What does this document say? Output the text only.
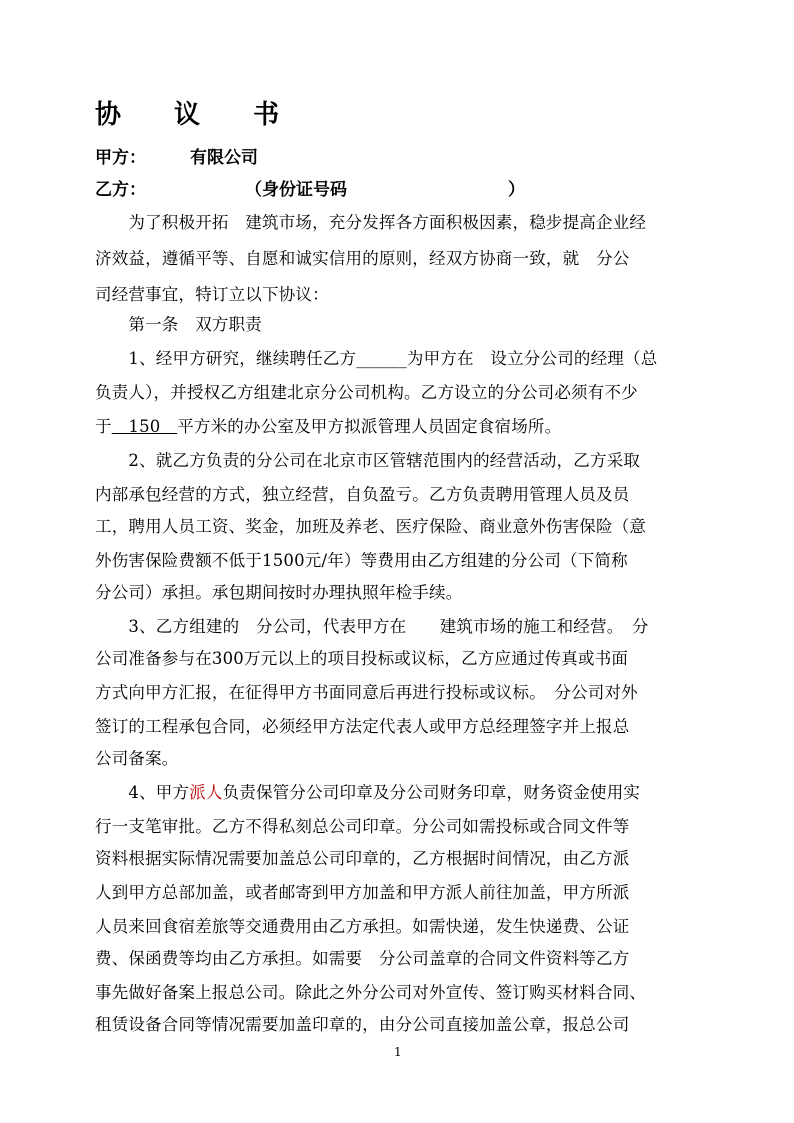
协 议 书
甲方：	有限公司
乙方：	（身份证号码	）
　　为了积极开拓　建筑市场，充分发挥各方面积极因素，稳步提高企业经
济效益，遵循平等、自愿和诚实信用的原则，经双方协商一致，就　分公
司经营事宜，特订立以下协议：
　　第一条　双方职责
　　1、经甲方研究，继续聘任乙方______为甲方在　设立分公司的经理（总
负责人），并授权乙方组建北京分公司机构。乙方设立的分公司必须有不少
于　150　平方米的办公室及甲方拟派管理人员固定食宿场所。
　　2、就乙方负责的分公司在北京市区管辖范围内的经营活动，乙方采取
内部承包经营的方式，独立经营，自负盈亏。乙方负责聘用管理人员及员
工，聘用人员工资、奖金，加班及养老、医疗保险、商业意外伤害保险（意
外伤害保险费额不低于1500元/年）等费用由乙方组建的分公司（下简称
分公司）承担。承包期间按时办理执照年检手续。
　　3、乙方组建的　分公司，代表甲方在　　建筑市场的施工和经营。　分
公司准备参与在300万元以上的项目投标或议标，乙方应通过传真或书面
方式向甲方汇报，在征得甲方书面同意后再进行投标或议标。　分公司对外
签订的工程承包合同，必须经甲方法定代表人或甲方总经理签字并上报总
公司备案。
　　4、甲方派人负责保管分公司印章及分公司财务印章，财务资金使用实
行一支笔审批。乙方不得私刻总公司印章。分公司如需投标或合同文件等
资料根据实际情况需要加盖总公司印章的，乙方根据时间情况，由乙方派
人到甲方总部加盖，或者邮寄到甲方加盖和甲方派人前往加盖，甲方所派
人员来回食宿差旅等交通费用由乙方承担。如需快递，发生快递费、公证
费、保函费等均由乙方承担。如需要　分公司盖章的合同文件资料等乙方
事先做好备案上报总公司。除此之外分公司对外宣传、签订购买材料合同、
租赁设备合同等情况需要加盖印章的，由分公司直接加盖公章，报总公司
1
